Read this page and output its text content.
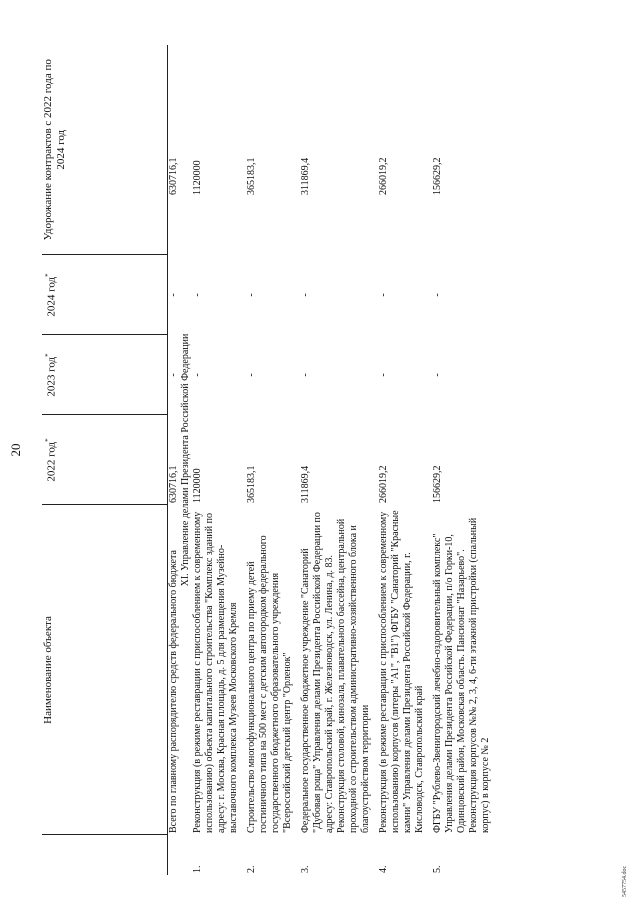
20
	Наименование объекта	2022 год*	2023 год*	2024 год*	Удорожание контрактов с 2022 года по 2024 год
	Всего по главному распорядителю средств федерального бюджета	630716,1	-	-	630716,1
XI. Управление делами Президента Российской Федерации					
1.	Реконструкция (в режиме реставрации с приспособлением к современному использованию) объекта капитального строительства "Комплекс зданий по адресу: г. Москва, Красная площадь, д. 5 для размещения Музейно-выставочного комплекса Музеев Московского Кремля	1120000	-	-	1120000
2.	Строительство многофункционального центра по приему детей гостиничного типа на 500 мест с детским автогородком федерального государственного бюджетного образовательного учреждения "Всероссийский детский центр "Орленок"	365183,1	-	-	365183,1
3.	Федеральное государственное бюджетное учреждение "Санаторий "Дубовая роща" Управления делами Президента Российской Федерации по адресу: Ставропольский край, г. Железноводск, ул. Ленина, д. 83. Реконструкция столовой, кинозала, плавательного бассейна, центральной проходной со строительством административно-хозяйственного блока и благоустройством территории	311869,4	-	-	311869,4
4.	Реконструкция (в режиме реставрации с приспособлением к современному использованию) корпусов (литеры "А1", "В1") ФГБУ "Санаторий "Красные камни" Управления делами Президента Российской Федерации, г. Кисловодск, Ставропольский край	266019,2	-	-	266019,2
5.	ФГБУ "Рублево-Звенигородский лечебно-оздоровительный комплекс" Управления делами Президента Российской Федерации, п/о Горки-10, Одинцовский район, Московская область. Пансионат "Назарьево". Реконструкция корпусов №№ 2, 3, 4, 6-ти этажной пристройки (спальный корпус) в корпусе № 2	156629,2	-	-	156629,2
5457754.doc
